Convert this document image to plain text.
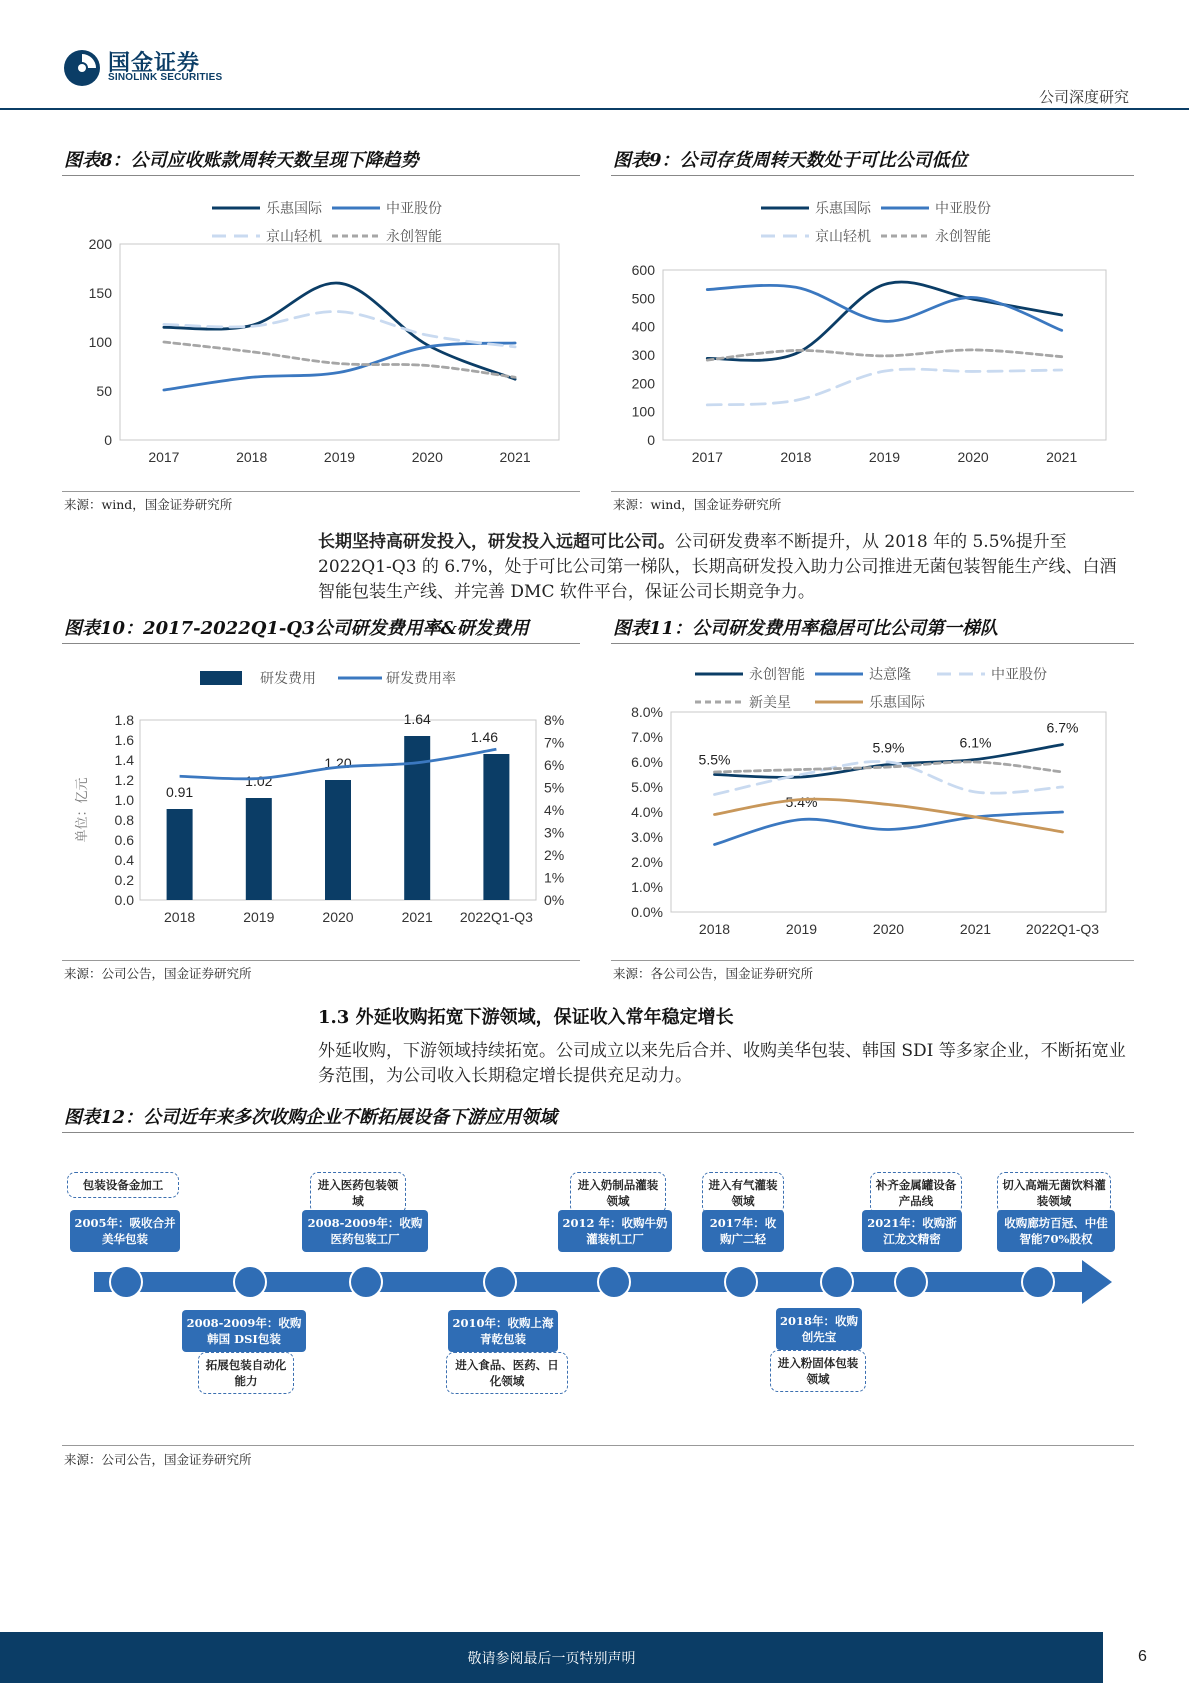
国金证券
SINOLINK SECURITIES
公司深度研究
图表8：公司应收账款周转天数呈现下降趋势	图表9：公司存货周转天数处于可比公司低位
乐惠国际	中亚股份
京山轻机	永创智能
0
50
100
150
200
2017	2018	2019	2020	2021
乐惠国际	中亚股份
京山轻机	永创智能
0
100
200
300
400
500
600
2017	2018	2019	2020	2021
来源：wind，国金证券研究所	来源：wind，国金证券研究所
长期坚持高研发投入，研发投入远超可比公司。公司研发费率不断提升，从 2018 年的 5.5%提升至 2022Q1-Q3 的 6.7%，处于可比公司第一梯队，长期高研发投入助力公司推进无菌包装智能生产线、白酒智能包装生产线、并完善 DMC 软件平台，保证公司长期竞争力。
图表10：2017-2022Q1-Q3公司研发费用率&研发费用	图表11：公司研发费用率稳居可比公司第一梯队
研发费用	研发费用率
0.0
0.2
0.4
0.6
0.8
1.0
1.2
1.4
1.6
1.8
0%
1%
2%
3%
4%
5%
6%
7%
8%
单位：亿元	0.91
1.02
1.20
1.64
1.46
2018	2019	2020	2021 2022Q1-Q3
永创智能	达意隆	中亚股份
新美星	乐惠国际
0.0%
1.0%
2.0%
3.0%
4.0%
5.0%
6.0%
7.0%
8.0%
2018	2019	2020	2021 2022Q1-Q3
5.5%
5.4%
5.9%	6.1%
6.7%
来源：公司公告，国金证券研究所	来源：各公司公告，国金证券研究所
1.3 外延收购拓宽下游领域，保证收入常年稳定增长
外延收购，下游领域持续拓宽。公司成立以来先后合并、收购美华包装、韩国 SDI 等多家企业，不断拓宽业务范围，为公司收入长期稳定增长提供充足动力。
图表12：公司近年来多次收购企业不断拓展设备下游应用领域
包装设备金加工
2005年：吸收合并美华包装
进入医药包装领域
2008-2009年：收购医药包装工厂
进入奶制品灌装领域
2012 年：收购牛奶灌装机工厂
进入有气灌装领域
2017年：收购广二轻
补齐金属罐设备产品线
2021年：收购浙江龙文精密
切入高端无菌饮料灌装领域
收购廊坊百冠、中佳智能70%股权
2008-2009年：收购韩国 DSI包装
拓展包装自动化能力
2010年：收购上海青乾包装
进入食品、医药、日化领域
2018年：收购创先宝
进入粉固体包装领域
来源：公司公告，国金证券研究所
敬请参阅最后一页特别声明	6
